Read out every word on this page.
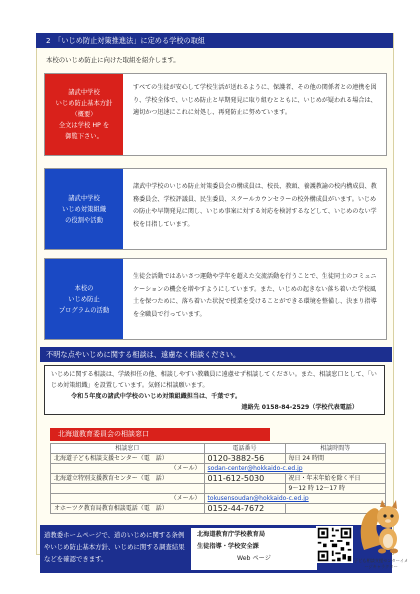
2　 「いじめ防止対策推進法」に定める学校の取組
本校のいじめ防止に向けた取組を紹介します。
諸武中学校
いじめ防止基本方針
（概要）
全文は学校 HP を
御覧下さい。
すべての生徒が安心して学校生活が送れるように、保護者、その他の関係者との連携を図り、学校全体で、いじめ防止と早期発見に取り組むとともに、いじめが疑われる場合は、適切かつ迅速にこれに対処し、再発防止に努めています。
諸武中学校
いじめ対策組織
の役割や活動
諸武中学校のいじめ防止対策委員会の構成員は、校長、教頭、養護教諭の校内構成員、教務委員会、学校評議員、民生委員、スクールカウンセラーの校外構成員がいます。いじめの防止や早期発見に関し、いじめ事案に対する対応を検討するなどして、いじめのない学校を目指しています。
本校の
いじめ防止
プログラムの活動
生徒会活動ではあいさつ運動や学年を超えた交流活動を行うことで、生徒同士のコミュニケーションの機会を増やすようにしています。また、いじめの起きない落ち着いた学校風土を保つために、落ち着いた状況で授業を受けることができる環境を整備し、決まり指導を全職員で行っています。
不明な点やいじめに関する相談は、遠慮なく相談ください。
いじめに関する相談は、学級担任の他、相談しやすい教職員に遠慮せず相談してください。また、相談窓口として、「いじめ対策組織」を設置しています。気軽に相談願います。
令和５年度の諸武中学校のいじめ対策組織担当は、千葉です。
連絡先 0158-84-2529（学校代表電話）
北海道教育委員会の相談窓口
相談窓口	電話番号	相談時間等
北海道子ども相談支援センター（電　話）	0120-3882-56	毎日 24 時間
（メール）	sodan-center@hokkaido-c.ed.jp	
北海道立特別支援教育センター（電　話）	011-612-5030	祝日・年末年始を除く平日
		9〜12 時 12〜17 時
（メール）	tokusensoudan@hokkaido-c.ed.jp	
オホーツク教育局教育相談電話（電　話）	0152-44-7672	
道教委ホームページで、道のいじめに関する条例
やいじめ防止基本方針、いじめに関する調査結果
などを確認できます。
北海道教育庁学校教育局
生徒指導・学校安全課
Web ページ	子ども相談支援センターイメージキャラクター
